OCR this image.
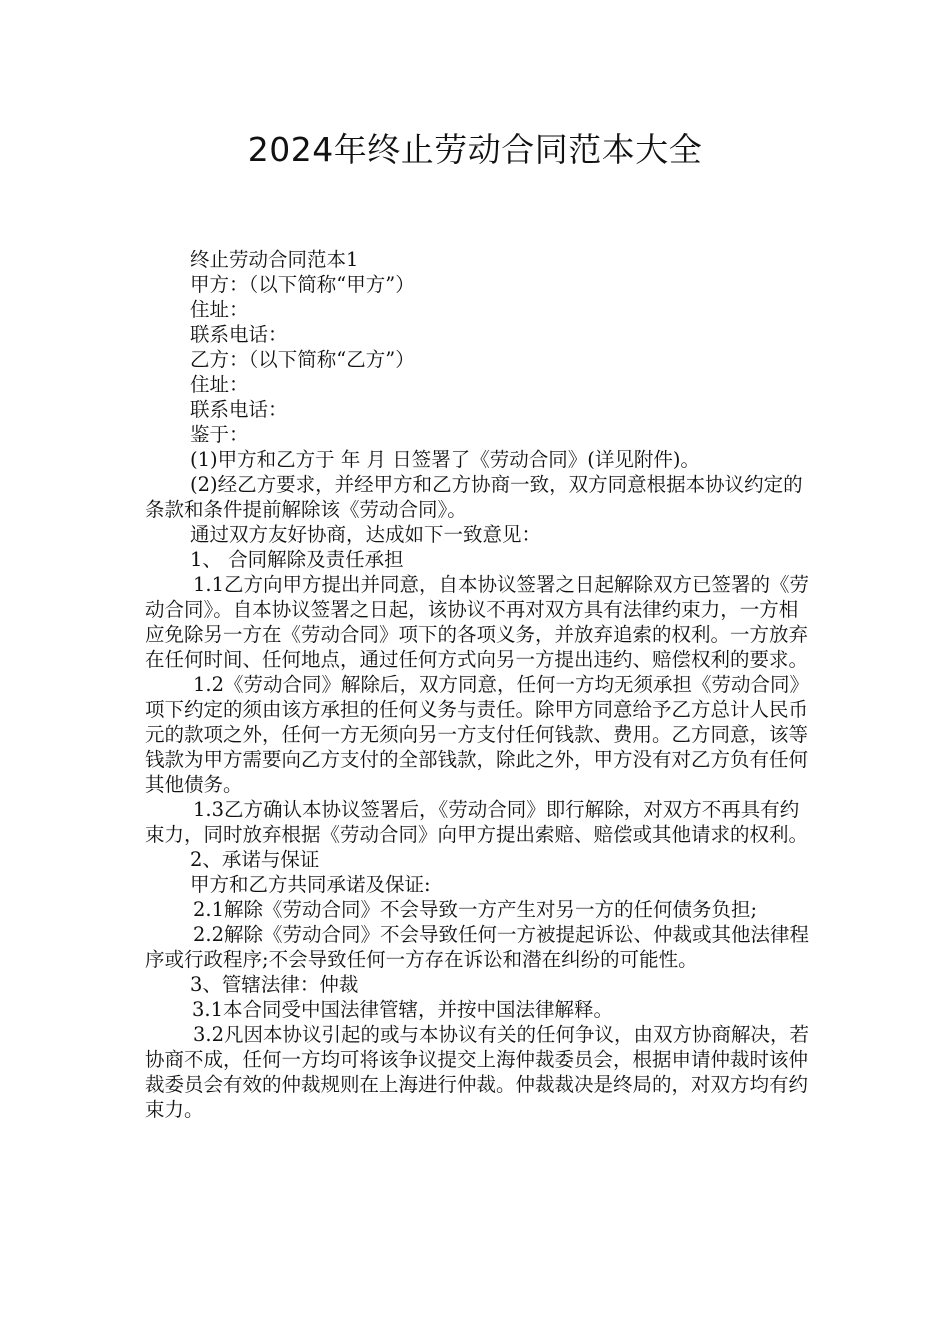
2024年终止劳动合同范本大全

终止劳动合同范本1

甲方：（以下简称“甲方”）

住址：

联系电话：

乙方：（以下简称“乙方”）

住址：

联系电话：

鉴于：

(1)甲方和乙方于 年 月 日签署了《劳动合同》(详见附件)。

(2)经乙方要求，并经甲方和乙方协商一致，双方同意根据本协议约定的条款和条件提前解除该《劳动合同》。

通过双方友好协商，达成如下一致意见：

1、 合同解除及责任承担

1.1乙方向甲方提出并同意，自本协议签署之日起解除双方已签署的《劳动合同》。自本协议签署之日起，该协议不再对双方具有法律约束力，一方相应免除另一方在《劳动合同》项下的各项义务，并放弃追索的权利。一方放弃在任何时间、任何地点，通过任何方式向另一方提出违约、赔偿权利的要求。

1.2《劳动合同》解除后，双方同意，任何一方均无须承担《劳动合同》项下约定的须由该方承担的任何义务与责任。除甲方同意给予乙方总计人民币元的款项之外，任何一方无须向另一方支付任何钱款、费用。乙方同意，该等钱款为甲方需要向乙方支付的全部钱款，除此之外，甲方没有对乙方负有任何其他债务。

1.3乙方确认本协议签署后，《劳动合同》即行解除，对双方不再具有约束力，同时放弃根据《劳动合同》向甲方提出索赔、赔偿或其他请求的权利。

2、承诺与保证

甲方和乙方共同承诺及保证:

2.1解除《劳动合同》不会导致一方产生对另一方的任何债务负担;

2.2解除《劳动合同》不会导致任何一方被提起诉讼、仲裁或其他法律程序或行政程序;不会导致任何一方存在诉讼和潜在纠纷的可能性。

3、管辖法律：仲裁

3.1本合同受中国法律管辖，并按中国法律解释。

3.2凡因本协议引起的或与本协议有关的任何争议，由双方协商解决，若协商不成，任何一方均可将该争议提交上海仲裁委员会，根据申请仲裁时该仲裁委员会有效的仲裁规则在上海进行仲裁。仲裁裁决是终局的，对双方均有约束力。
